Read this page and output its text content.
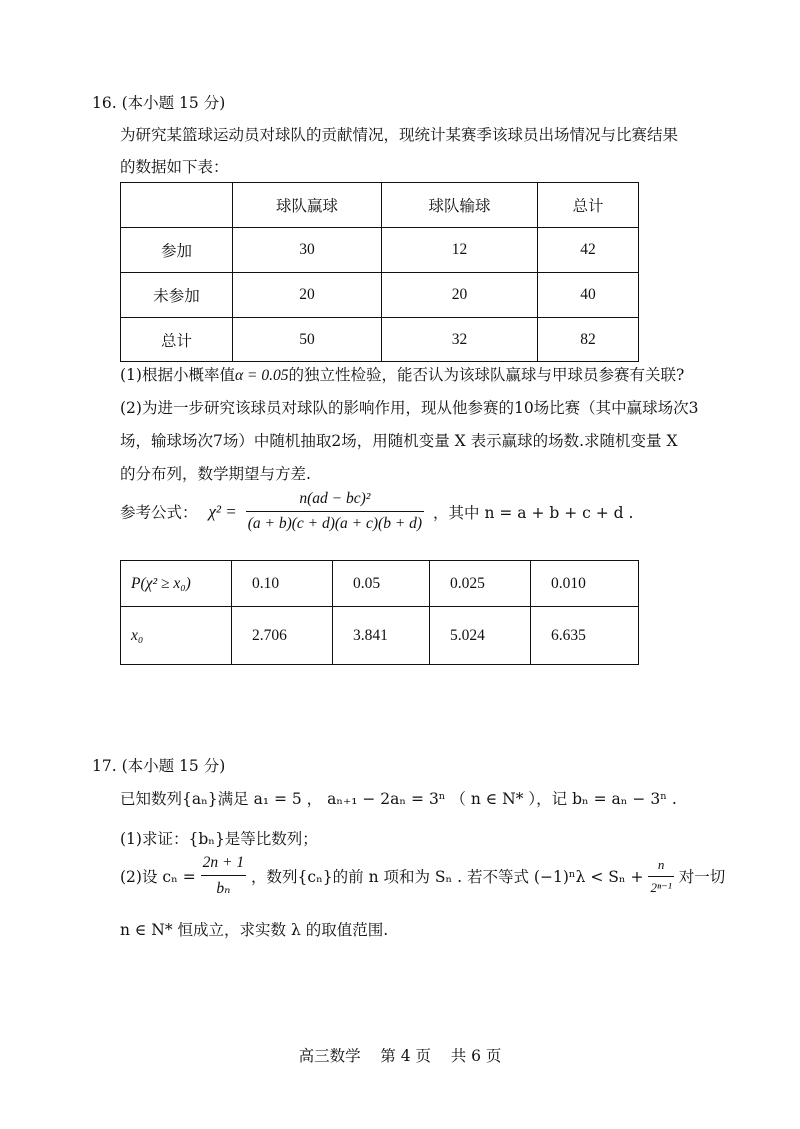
16. (本小题 15 分)
为研究某篮球运动员对球队的贡献情况，现统计某赛季该球员出场情况与比赛结果
的数据如下表：
	球队赢球	球队输球	总计
参加	30	12	42
未参加	20	20	40
总计	50	32	82
(1)根据小概率值α = 0.05的独立性检验，能否认为该球队赢球与甲球员参赛有关联?
(2)为进一步研究该球员对球队的影响作用，现从他参赛的10场比赛（其中赢球场次3
场，输球场次7场）中随机抽取2场，用随机变量 X 表示赢球的场数.求随机变量 X
的分布列，数学期望与方差.
参考公式： $\chi^2 = \frac{\text{n(ad − bc)²}}{(a + b)(c + d)(a + c)(b + d)}$ ，其中 n = a + b + c + d .
P(χ² ≥ x₀)	0.10	0.05	0.025	0.010
x₀	2.706	3.841	5.024	6.635
17. (本小题 15 分)
已知数列{aₙ}满足 a₁ = 5 ， aₙ₊₁ − 2aₙ = 3ⁿ （ n ∈ N* ），记 bₙ = aₙ − 3ⁿ .
(1)求证：{bₙ}是等比数列；
(2)设 $c_n = \frac{2n + 1}{\text{bₙ}}$ ，数列{cₙ}的前 n 项和为 Sₙ . 若不等式 $(-1)^n\lambda < S_n + \frac{n}{\text{2ⁿ⁻¹}}$ 对一切
n ∈ N* 恒成立，求实数 λ 的取值范围.
高三数学    第 4 页    共 6 页
